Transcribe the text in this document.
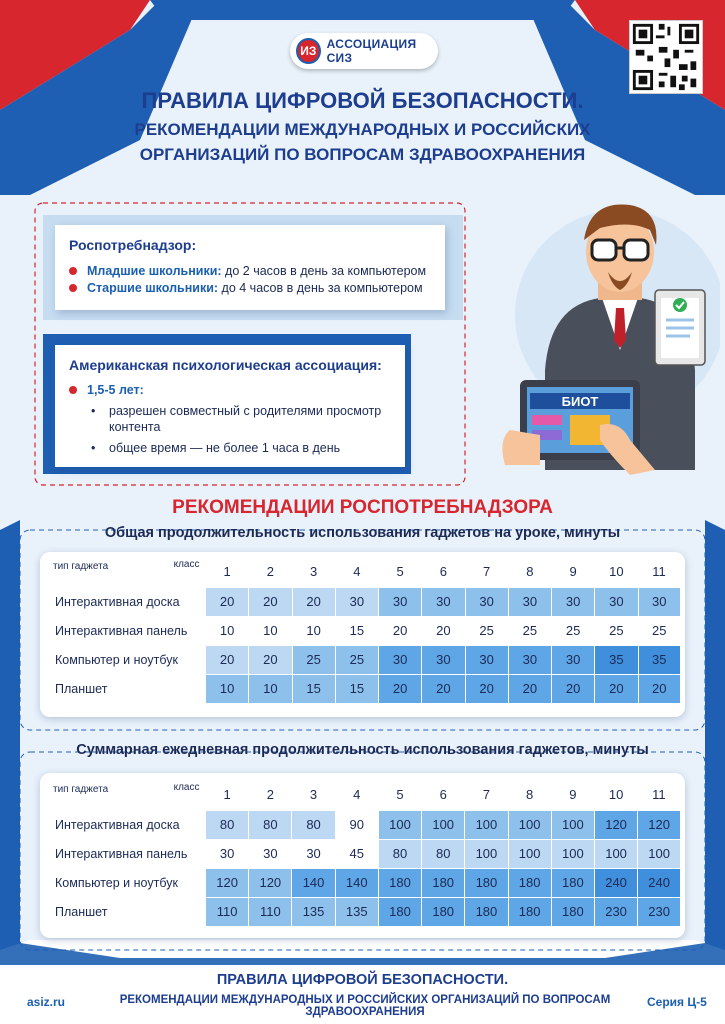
ИЗ АССОЦИАЦИЯ СИЗ
ПРАВИЛА ЦИФРОВОЙ БЕЗОПАСНОСТИ.
РЕКОМЕНДАЦИИ МЕЖДУНАРОДНЫХ И РОССИЙСКИХ
ОРГАНИЗАЦИЙ ПО ВОПРОСАМ ЗДРАВООХРАНЕНИЯ
Роспотребнадзор:
Младшие школьники: до 2 часов в день за компьютером
Старшие школьники: до 4 часов в день за компьютером
Американская психологическая ассоциация:
1,5-5 лет:
• разрешен совместный с родителями просмотр
контента
• общее время — не более 1 часа в день
БИОТ
РЕКОМЕНДАЦИИ РОСПОТРЕБНАДЗОРА
Общая продолжительность использования гаджетов на уроке, минуты
тип гаджета класс	1	2	3	4	5	6	7	8	9	10	11
Интерактивная доска	20	20	20	30	30	30	30	30	30	30	30
Интерактивная панель	10	10	10	15	20	20	25	25	25	25	25
Компьютер и ноутбук	20	20	25	25	30	30	30	30	30	35	35
Планшет	10	10	15	15	20	20	20	20	20	20	20
Суммарная ежедневная продолжительность использования гаджетов, минуты
тип гаджета класс	1	2	3	4	5	6	7	8	9	10	11
Интерактивная доска	80	80	80	90	100	100	100	100	100	120	120
Интерактивная панель	30	30	30	45	80	80	100	100	100	100	100
Компьютер и ноутбук	120	120	140	140	180	180	180	180	180	240	240
Планшет	110	110	135	135	180	180	180	180	180	230	230
ПРАВИЛА ЦИФРОВОЙ БЕЗОПАСНОСТИ.
РЕКОМЕНДАЦИИ МЕЖДУНАРОДНЫХ И РОССИЙСКИХ ОРГАНИЗАЦИЙ ПО ВОПРОСАМ ЗДРАВООХРАНЕНИЯ
asiz.ru	Серия Ц-5
